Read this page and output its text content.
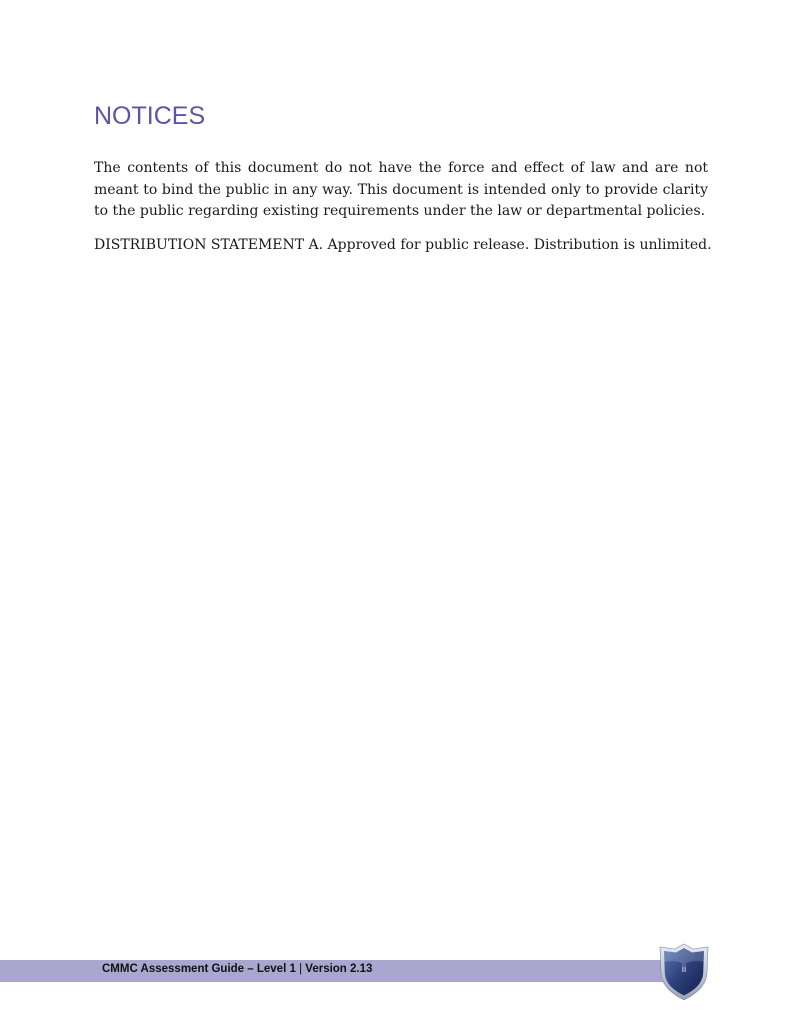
NOTICES

The contents of this document do not have the force and effect of law and are not meant to bind the public in any way. This document is intended only to provide clarity to the public regarding existing requirements under the law or departmental policies.

DISTRIBUTION STATEMENT A. Approved for public release. Distribution is unlimited.

CMMC Assessment Guide – Level 1 | Version 2.13	ii
